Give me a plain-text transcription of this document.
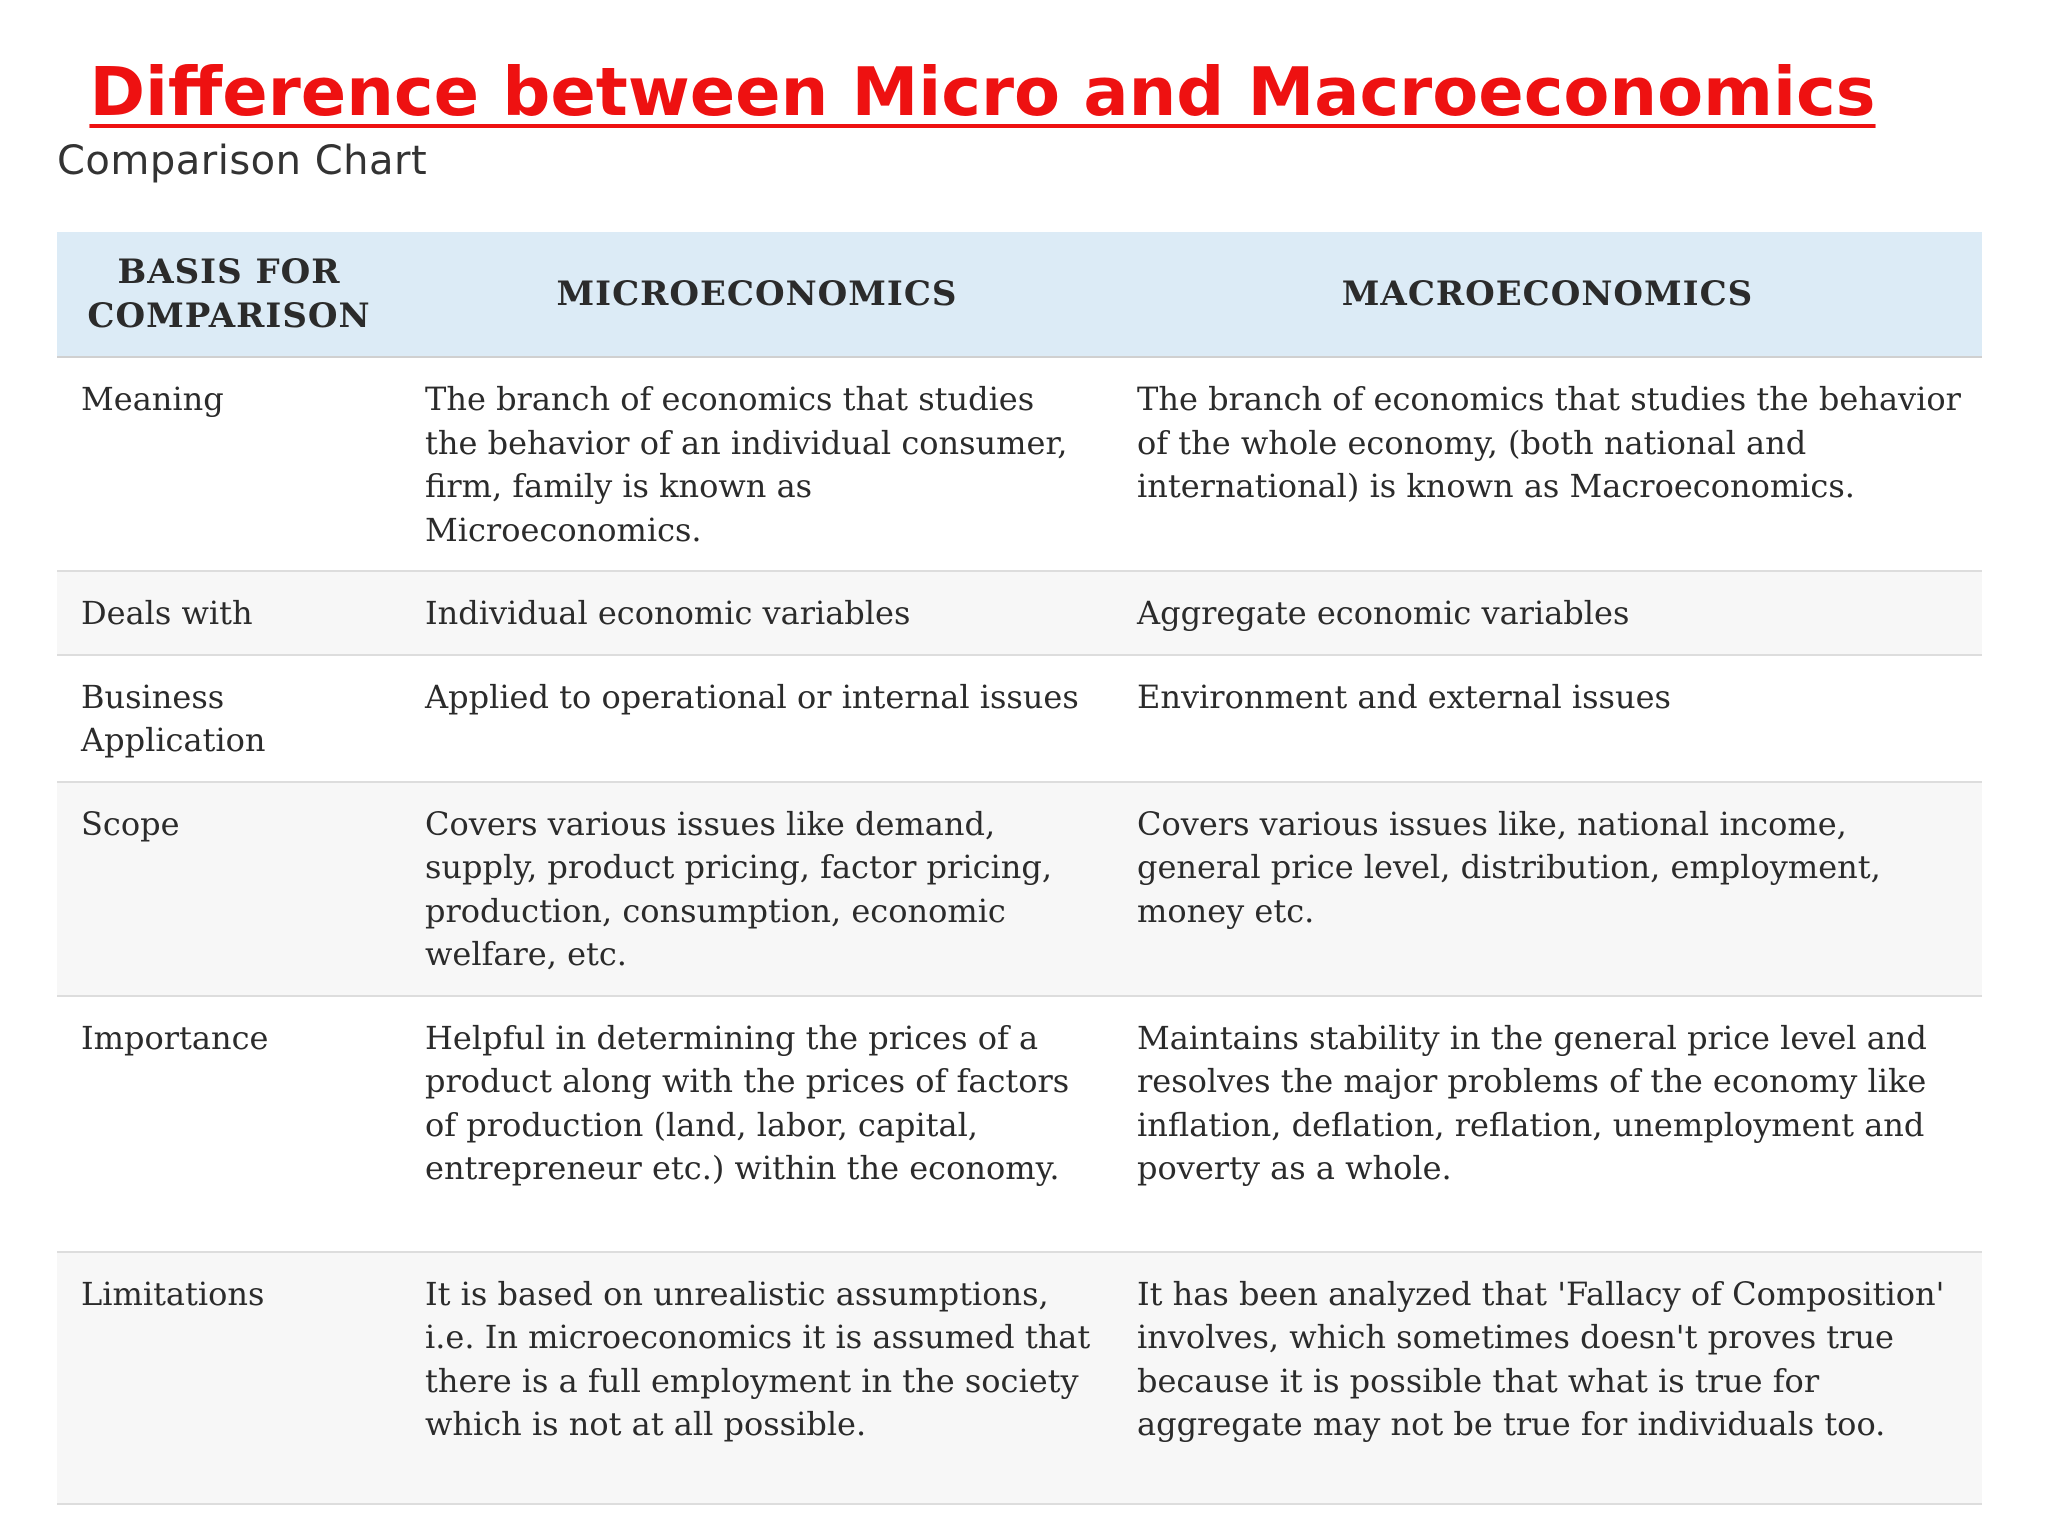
Difference between Micro and Macroeconomics
Comparison Chart
BASIS FOR COMPARISON	MICROECONOMICS	MACROECONOMICS
Meaning	The branch of economics that studies the behavior of an individual consumer, firm, family is known as Microeconomics.	The branch of economics that studies the behavior of the whole economy, (both national and international) is known as Macroeconomics.
Deals with	Individual economic variables	Aggregate economic variables
Business Application	Applied to operational or internal issues	Environment and external issues
Scope	Covers various issues like demand, supply, product pricing, factor pricing, production, consumption, economic welfare, etc.	Covers various issues like, national income, general price level, distribution, employment, money etc.
Importance	Helpful in determining the prices of a product along with the prices of factors of production (land, labor, capital, entrepreneur etc.) within the economy.	Maintains stability in the general price level and resolves the major problems of the economy like inflation, deflation, reflation, unemployment and poverty as a whole.
Limitations	It is based on unrealistic assumptions, i.e. In microeconomics it is assumed that there is a full employment in the society which is not at all possible.	It has been analyzed that 'Fallacy of Composition' involves, which sometimes doesn't proves true because it is possible that what is true for aggregate may not be true for individuals too.
